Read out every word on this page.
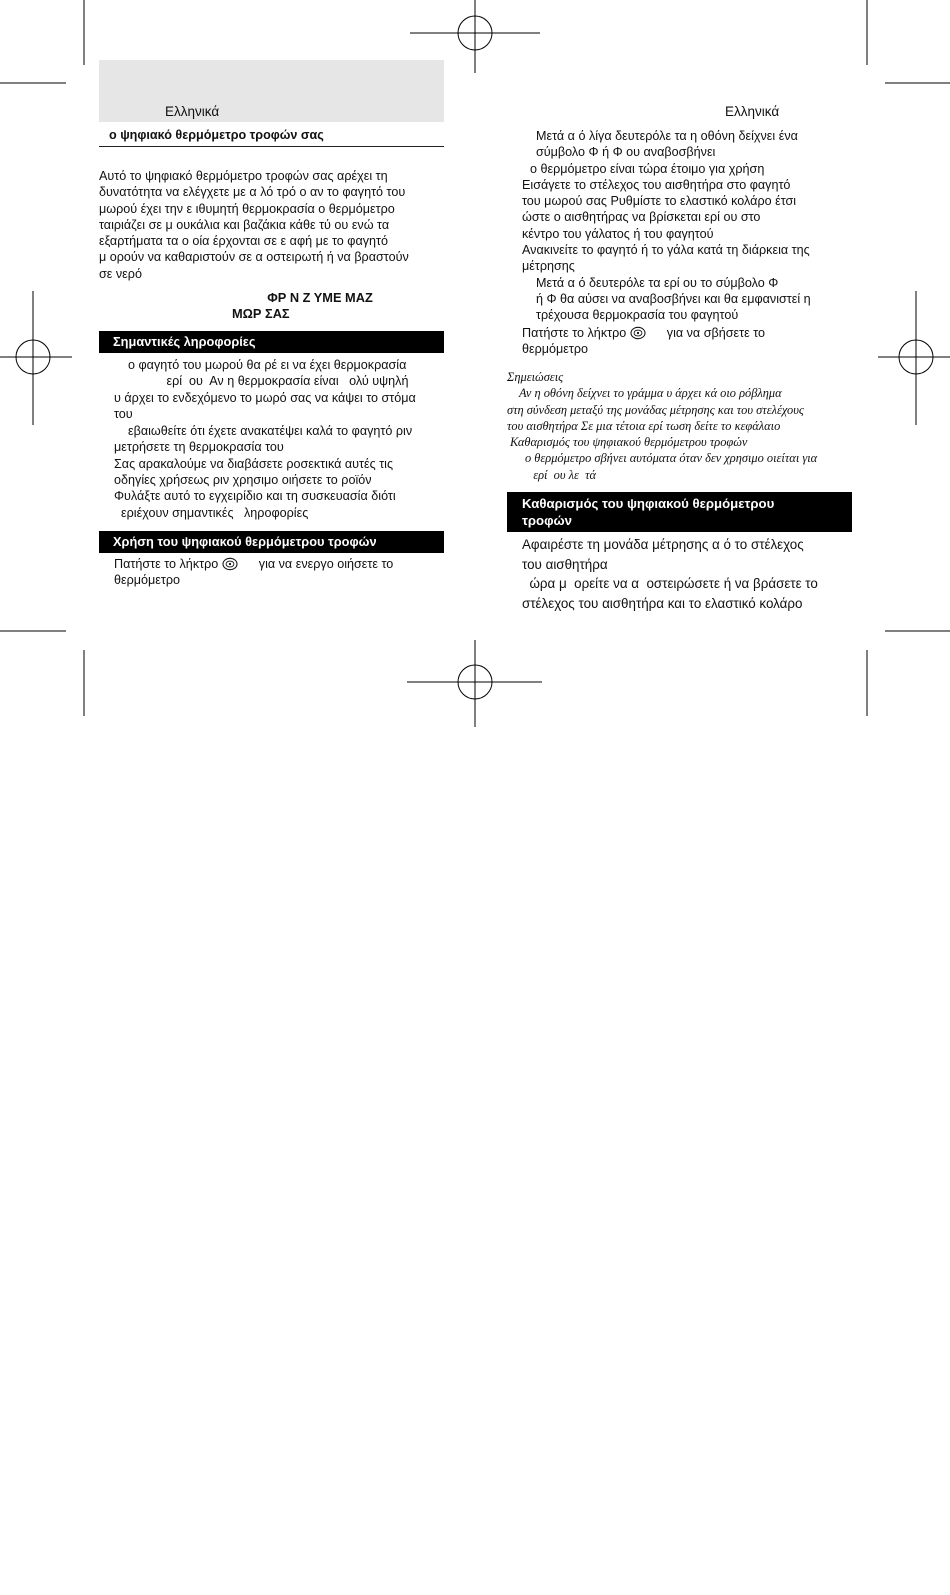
Ελληνικά
ο ψηφιακό θερμόμετρο τροφών σας

Αυτό το ψηφιακό θερμόμετρο τροφών σας αρέχει τη

δυνατότητα να ελέγχετε με α λό τρό ο αν το φαγητό του

μωρού έχει την ε ιθυμητή θερμοκρασία ο θερμόμετρο

ταιριάζει σε μ ουκάλια και βαζάκια κάθε τύ ου ενώ τα

εξαρτήματα τα ο οία έρχονται σε ε αφή με το φαγητό

μ ορούν να καθαριστούν σε α οστειρωτή ή να βραστούν

σε νερό

ΦΡ Ν Ζ ΥΜΕ ΜΑΖ
ΜΩΡ ΣΑΣ
Σημαντικές ληροφορίες

ο φαγητό του μωρού θα ρέ ει να έχει θερμοκρασία

ερί  ου  Αν η θερμοκρασία είναι   ολύ υψηλή

υ άρχει το ενδεχόμενο το μωρό σας να κάψει το στόμα

του

εβαιωθείτε ότι έχετε ανακατέψει καλά το φαγητό ριν

μετρήσετε τη θερμοκρασία του

Σας αρακαλούμε να διαβάσετε ροσεκτικά αυτές τις

οδηγίες χρήσεως ριν χρησιμο οιήσετε το ροϊόν

Φυλάξτε αυτό το εγχειρίδιο και τη συσκευασία διότι

εριέχουν σημαντικές   ληροφορίες

Χρήση του ψηφιακού θερμόμετρου τροφών

Πατήστε το λήκτρο	για να ενεργο οιήσετε το

θερμόμετρο

Ελληνικά

Μετά α ό λίγα δευτερόλε τα η οθόνη δείχνει ένα

σύμβολο Φ ή Φ ου αναβοσβήνει

ο θερμόμετρο είναι τώρα έτοιμο για χρήση

Εισάγετε το στέλεχος του αισθητήρα στο φαγητό

του μωρού σας Ρυθμίστε το ελαστικό κολάρο έτσι

ώστε ο αισθητήρας να βρίσκεται ερί ου στο

κέντρο του γάλατος ή του φαγητού

Ανακινείτε το φαγητό ή το γάλα κατά τη διάρκεια της

μέτρησης

Μετά α ό δευτερόλε τα ερί ου το σύμβολο Φ

ή Φ θα αύσει να αναβοσβήνει και θα εμφανιστεί η

τρέχουσα θερμοκρασία του φαγητού

Πατήστε το λήκτρο	για να σβήσετε το

θερμόμετρο

Σημειώσεις

Αν η οθόνη δείχνει το γράμμα υ άρχει κά οιο ρόβλημα

στη σύνδεση μεταξύ της μονάδας μέτρησης και του στελέχους

του αισθητήρα Σε μια τέτοια ερί τωση δείτε το κεφάλαιο

Καθαρισμός του ψηφιακού θερμόμετρου τροφών

ο θερμόμετρο σβήνει αυτόματα όταν δεν χρησιμο οιείται για

ερί  ου λε  τά

Καθαρισμός του ψηφιακού θερμόμετρου
τροφών

Αφαιρέστε τη μονάδα μέτρησης α ό το στέλεχος

του αισθητήρα

ώρα μ  ορείτε να α  οστειρώσετε ή να βράσετε το

στέλεχος του αισθητήρα και το ελαστικό κολάρο
